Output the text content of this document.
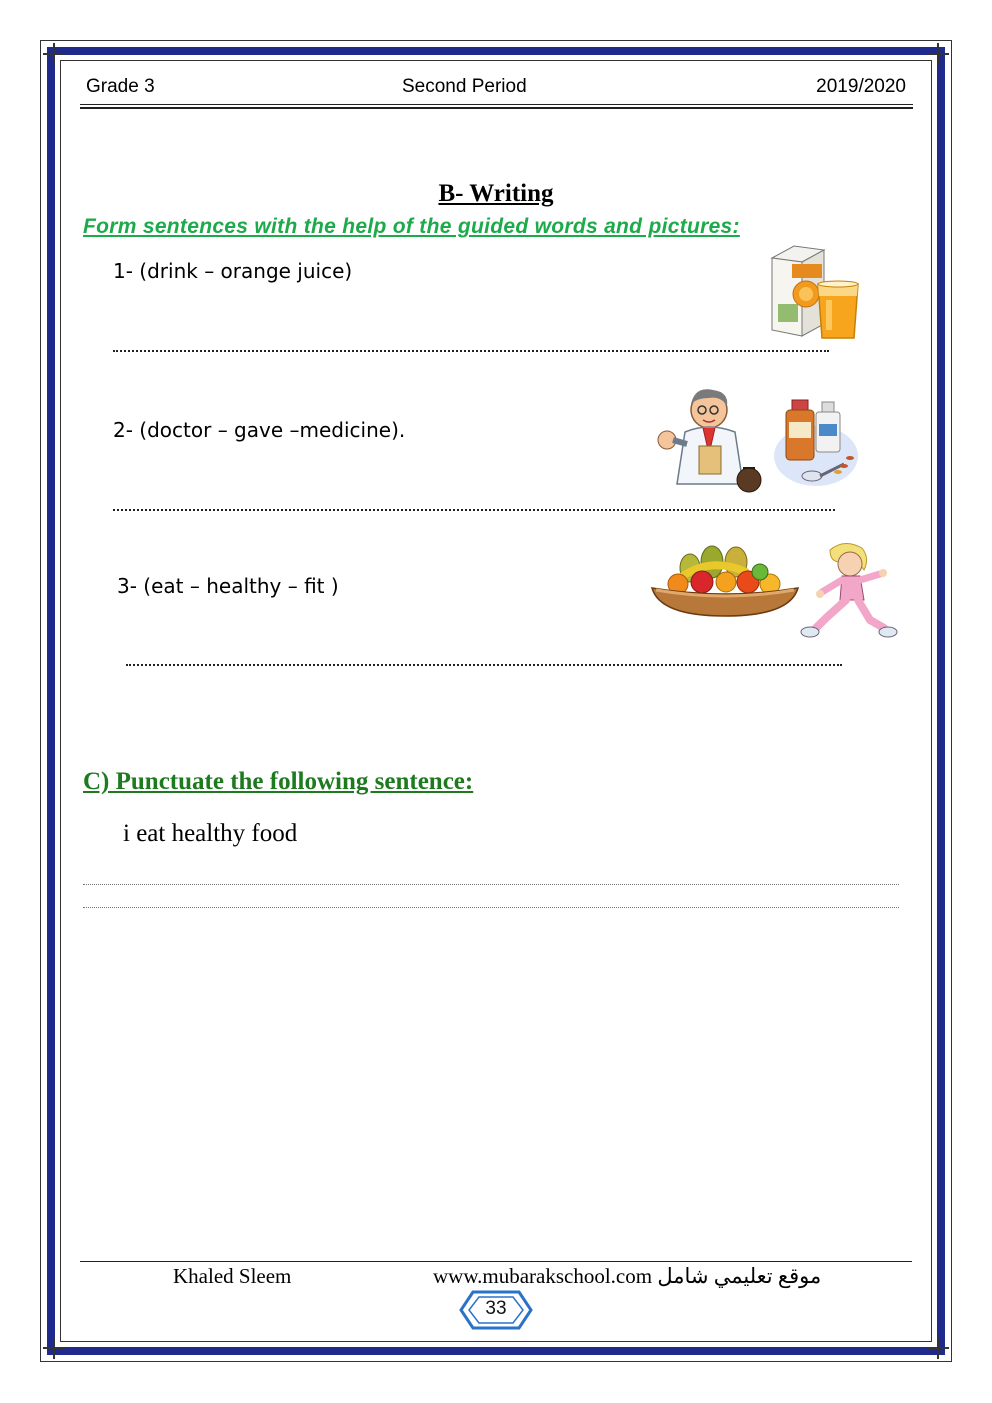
Grade 3	Second Period	2019/2020
B- Writing
Form sentences with the help of the guided words and pictures:
1- (drink – orange juice)
2- (doctor – gave –medicine).
3- (eat – healthy – fit )
C) Punctuate the following sentence:
i eat healthy food
Khaled Sleem	www.mubarakschool.com موقع تعليمي شامل
33
